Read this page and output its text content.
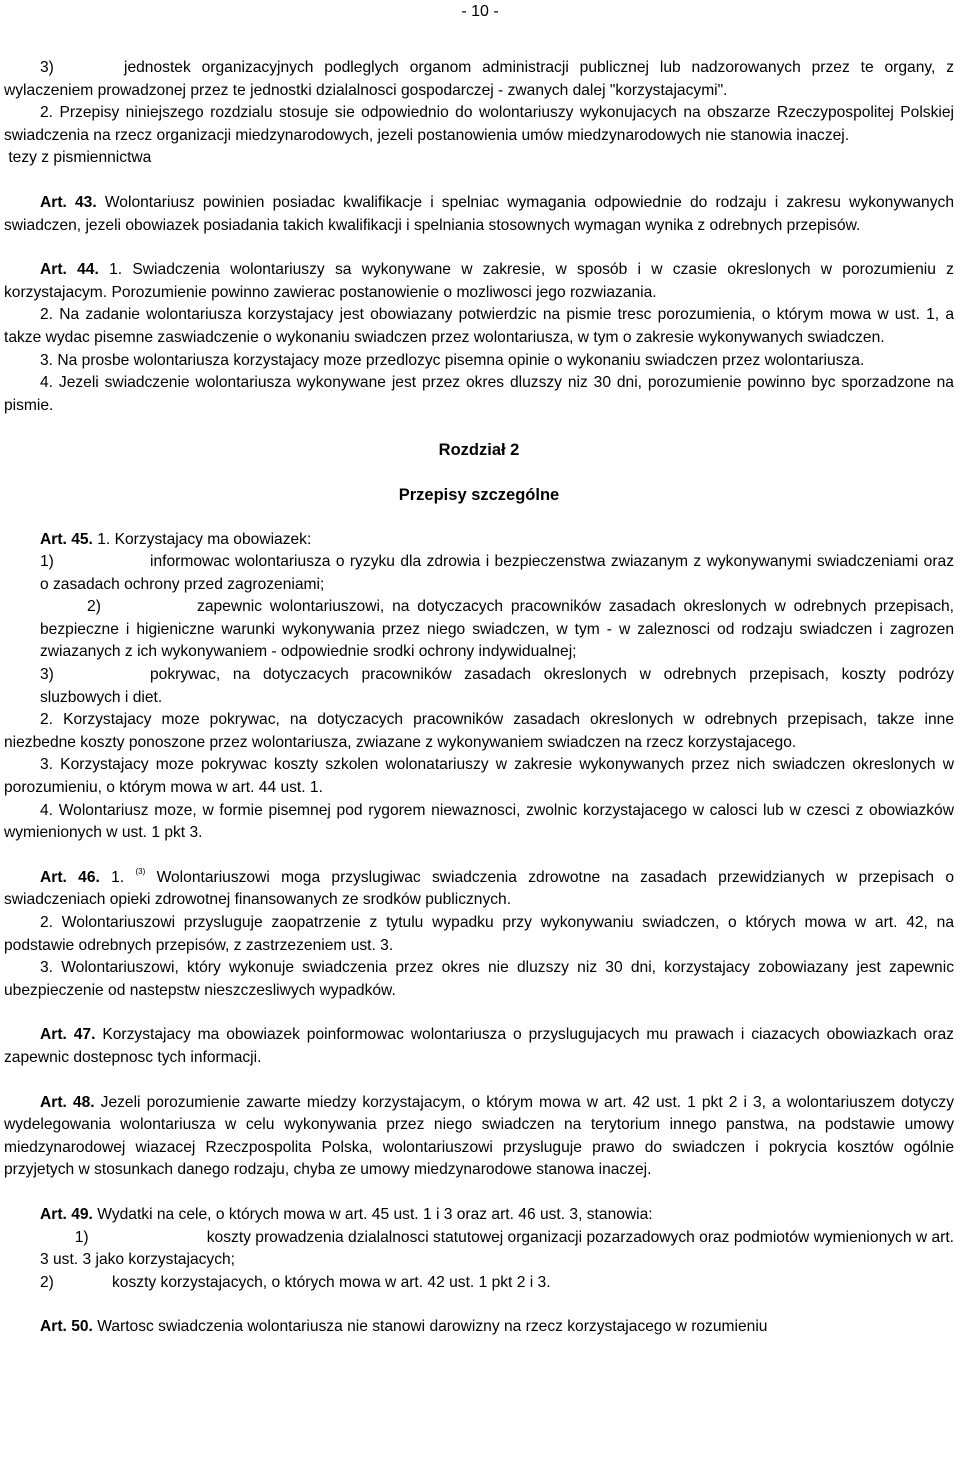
- 10 -

3)	jednostek organizacyjnych podleglych organom administracji publicznej lub nadzorowanych przez te organy, z wylaczeniem prowadzonej przez te jednostki dzialalnosci gospodarczej - zwanych dalej "korzystajacymi".

2. Przepisy niniejszego rozdzialu stosuje sie odpowiednio do wolontariuszy wykonujacych na obszarze Rzeczypospolitej Polskiej swiadczenia na rzecz organizacji miedzynarodowych, jezeli postanowienia umów miedzynarodowych nie stanowia inaczej.

tezy z pismiennictwa

Art. 43. Wolontariusz powinien posiadac kwalifikacje i spelniac wymagania odpowiednie do rodzaju i zakresu wykonywanych swiadczen, jezeli obowiazek posiadania takich kwalifikacji i spelniania stosownych wymagan wynika z odrebnych przepisów.

Art. 44. 1. Swiadczenia wolontariuszy sa wykonywane w zakresie, w sposób i w czasie okreslonych w porozumieniu z korzystajacym. Porozumienie powinno zawierac postanowienie o mozliwosci jego rozwiazania.

2. Na zadanie wolontariusza korzystajacy jest obowiazany potwierdzic na pismie tresc porozumienia, o którym mowa w ust. 1, a takze wydac pisemne zaswiadczenie o wykonaniu swiadczen przez wolontariusza, w tym o zakresie wykonywanych swiadczen.

3. Na prosbe wolontariusza korzystajacy moze przedlozyc pisemna opinie o wykonaniu swiadczen przez wolontariusza.

4. Jezeli swiadczenie wolontariusza wykonywane jest przez okres dluzszy niz 30 dni, porozumienie powinno byc sporzadzone na pismie.

Rozdział 2

Przepisy szczególne

Art. 45. 1. Korzystajacy ma obowiazek:

1)	informowac wolontariusza o ryzyku dla zdrowia i bezpieczenstwa zwiazanym z wykonywanymi swiadczeniami oraz o zasadach ochrony przed zagrozeniami;

2)	zapewnic wolontariuszowi, na dotyczacych pracowników zasadach okreslonych w odrebnych przepisach, bezpieczne i higieniczne warunki wykonywania przez niego swiadczen, w tym - w zaleznosci od rodzaju swiadczen i zagrozen zwiazanych z ich wykonywaniem - odpowiednie srodki ochrony indywidualnej;

3)	pokrywac, na dotyczacych pracowników zasadach okreslonych w odrebnych przepisach, koszty podrózy sluzbowych i diet.

2. Korzystajacy moze pokrywac, na dotyczacych pracowników zasadach okreslonych w odrebnych przepisach, takze inne niezbedne koszty ponoszone przez wolontariusza, zwiazane z wykonywaniem swiadczen na rzecz korzystajacego.

3. Korzystajacy moze pokrywac koszty szkolen wolonatariuszy w zakresie wykonywanych przez nich swiadczen okreslonych w porozumieniu, o którym mowa w art. 44 ust. 1.

4. Wolontariusz moze, w formie pisemnej pod rygorem niewaznosci, zwolnic korzystajacego w calosci lub w czesci z obowiazków wymienionych w ust. 1 pkt 3.

Art. 46. 1. $^{(3)}$ Wolontariuszowi moga przyslugiwac swiadczenia zdrowotne na zasadach przewidzianych w przepisach o swiadczeniach opieki zdrowotnej finansowanych ze srodków publicznych.

2. Wolontariuszowi przysluguje zaopatrzenie z tytulu wypadku przy wykonywaniu swiadczen, o których mowa w art. 42, na podstawie odrebnych przepisów, z zastrzezeniem ust. 3.

3. Wolontariuszowi, który wykonuje swiadczenia przez okres nie dluzszy niz 30 dni, korzystajacy zobowiazany jest zapewnic ubezpieczenie od nastepstw nieszczesliwych wypadków.

Art. 47. Korzystajacy ma obowiazek poinformowac wolontariusza o przyslugujacych mu prawach i ciazacych obowiazkach oraz zapewnic dostepnosc tych informacji.

Art. 48. Jezeli porozumienie zawarte miedzy korzystajacym, o którym mowa w art. 42 ust. 1 pkt 2 i 3, a wolontariuszem dotyczy wydelegowania wolontariusza w celu wykonywania przez niego swiadczen na terytorium innego panstwa, na podstawie umowy miedzynarodowej wiazacej Rzeczpospolita Polska, wolontariuszowi przysluguje prawo do swiadczen i pokrycia kosztów ogólnie przyjetych w stosunkach danego rodzaju, chyba ze umowy miedzynarodowe stanowa inaczej.

Art. 49. Wydatki na cele, o których mowa w art. 45 ust. 1 i 3 oraz art. 46 ust. 3, stanowia:

1)	koszty prowadzenia dzialalnosci statutowej organizacji pozarzadowych oraz podmiotów wymienionych w art. 3 ust. 3 jako korzystajacych;

2)	koszty korzystajacych, o których mowa w art. 42 ust. 1 pkt 2 i 3.

Art. 50. Wartosc swiadczenia wolontariusza nie stanowi darowizny na rzecz korzystajacego w rozumieniu
